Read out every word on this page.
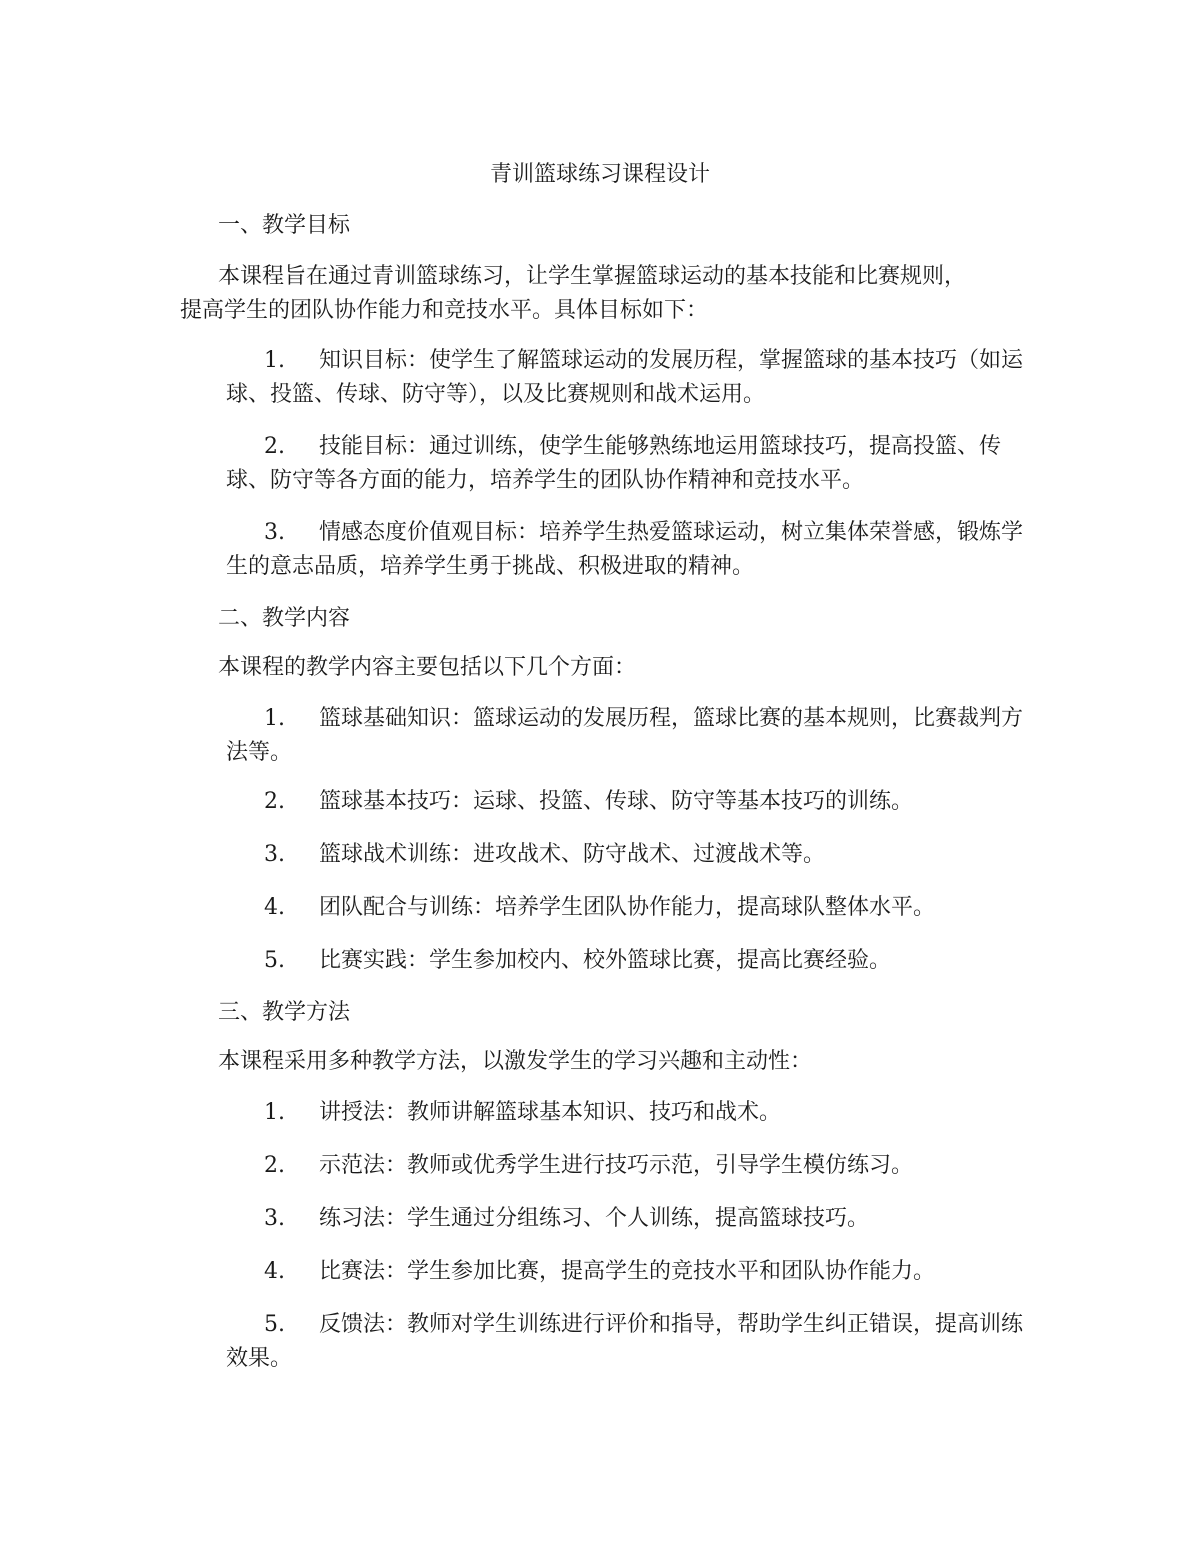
青训篮球练习课程设计
一、教学目标
本课程旨在通过青训篮球练习，让学生掌握篮球运动的基本技能和比赛规则，
提高学生的团队协作能力和竞技水平。具体目标如下：
1.	知识目标：使学生了解篮球运动的发展历程，掌握篮球的基本技巧（如运球、投篮、传球、防守等），以及比赛规则和战术运用。
2.	技能目标：通过训练，使学生能够熟练地运用篮球技巧，提高投篮、传球、防守等各方面的能力，培养学生的团队协作精神和竞技水平。
3.	情感态度价值观目标：培养学生热爱篮球运动，树立集体荣誉感，锻炼学生的意志品质，培养学生勇于挑战、积极进取的精神。
二、教学内容
本课程的教学内容主要包括以下几个方面：
1.	篮球基础知识：篮球运动的发展历程，篮球比赛的基本规则，比赛裁判方法等。
2.	篮球基本技巧：运球、投篮、传球、防守等基本技巧的训练。
3.	篮球战术训练：进攻战术、防守战术、过渡战术等。
4.	团队配合与训练：培养学生团队协作能力，提高球队整体水平。
5.	比赛实践：学生参加校内、校外篮球比赛，提高比赛经验。
三、教学方法
本课程采用多种教学方法，以激发学生的学习兴趣和主动性：
1.	讲授法：教师讲解篮球基本知识、技巧和战术。
2.	示范法：教师或优秀学生进行技巧示范，引导学生模仿练习。
3.	练习法：学生通过分组练习、个人训练，提高篮球技巧。
4.	比赛法：学生参加比赛，提高学生的竞技水平和团队协作能力。
5.	反馈法：教师对学生训练进行评价和指导，帮助学生纠正错误，提高训练效果。
